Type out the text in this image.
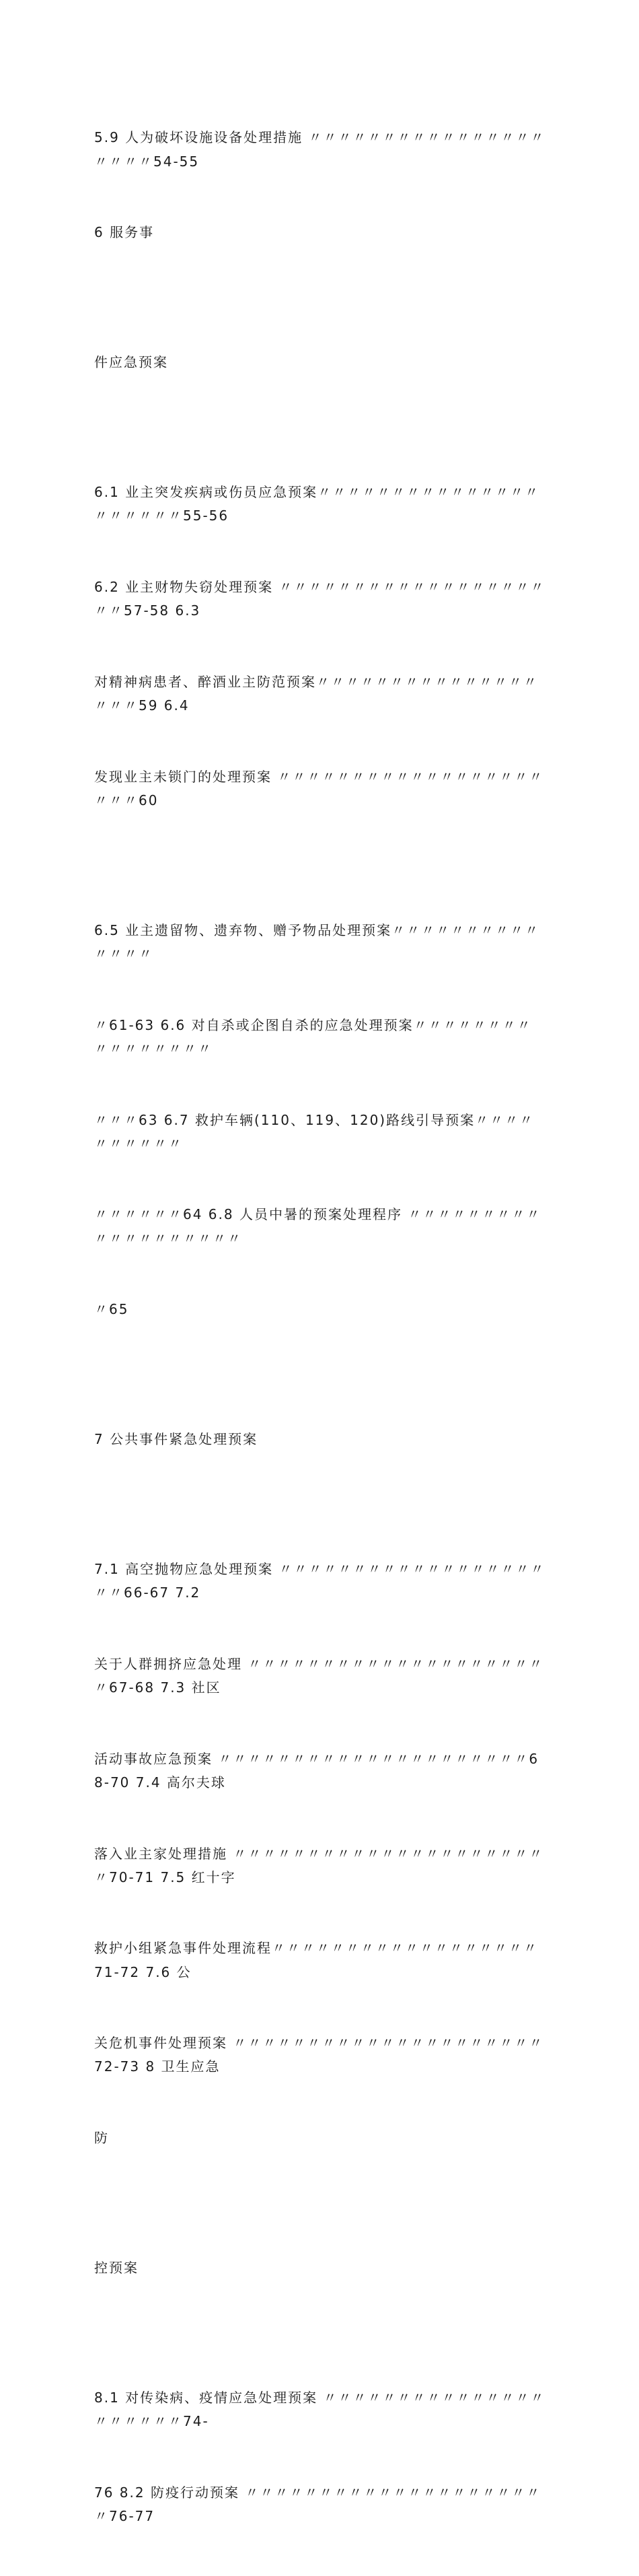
5.9 人为破坏设施设备处理措施 〃〃〃〃〃〃〃〃〃〃〃〃〃〃〃〃〃〃〃〃54-55

6 服务事

件应急预案

6.1 业主突发疾病或伤员应急预案〃〃〃〃〃〃〃〃〃〃〃〃〃〃〃〃〃〃〃〃〃55-56

6.2 业主财物失窃处理预案 〃〃〃〃〃〃〃〃〃〃〃〃〃〃〃〃〃〃〃〃57-58 6.3

对精神病患者、醉酒业主防范预案〃〃〃〃〃〃〃〃〃〃〃〃〃〃〃〃〃〃59 6.4

发现业主未锁门的处理预案 〃〃〃〃〃〃〃〃〃〃〃〃〃〃〃〃〃〃〃〃〃60

6.5 业主遗留物、遗弃物、赠予物品处理预案〃〃〃〃〃〃〃〃〃〃〃〃〃〃

〃61-63 6.6 对自杀或企图自杀的应急处理预案〃〃〃〃〃〃〃〃〃〃〃〃〃〃〃〃

〃〃〃63 6.7 救护车辆(110、119、120)路线引导预案〃〃〃〃〃〃〃〃〃〃

〃〃〃〃〃〃64 6.8 人员中暑的预案处理程序 〃〃〃〃〃〃〃〃〃〃〃〃〃〃〃〃〃〃〃

〃65

7 公共事件紧急处理预案

7.1 高空抛物应急处理预案 〃〃〃〃〃〃〃〃〃〃〃〃〃〃〃〃〃〃〃〃66-67 7.2

关于人群拥挤应急处理 〃〃〃〃〃〃〃〃〃〃〃〃〃〃〃〃〃〃〃〃〃67-68 7.3 社区

活动事故应急预案 〃〃〃〃〃〃〃〃〃〃〃〃〃〃〃〃〃〃〃〃〃68-70 7.4 高尔夫球

落入业主家处理措施 〃〃〃〃〃〃〃〃〃〃〃〃〃〃〃〃〃〃〃〃〃〃70-71 7.5 红十字

救护小组紧急事件处理流程〃〃〃〃〃〃〃〃〃〃〃〃〃〃〃〃〃〃 71-72 7.6 公

关危机事件处理预案 〃〃〃〃〃〃〃〃〃〃〃〃〃〃〃〃〃〃〃〃〃72-73 8 卫生应急

防

控预案

8.1 对传染病、疫情应急处理预案 〃〃〃〃〃〃〃〃〃〃〃〃〃〃〃〃〃〃〃〃〃74-

76 8.2 防疫行动预案 〃〃〃〃〃〃〃〃〃〃〃〃〃〃〃〃〃〃〃〃〃76-77
